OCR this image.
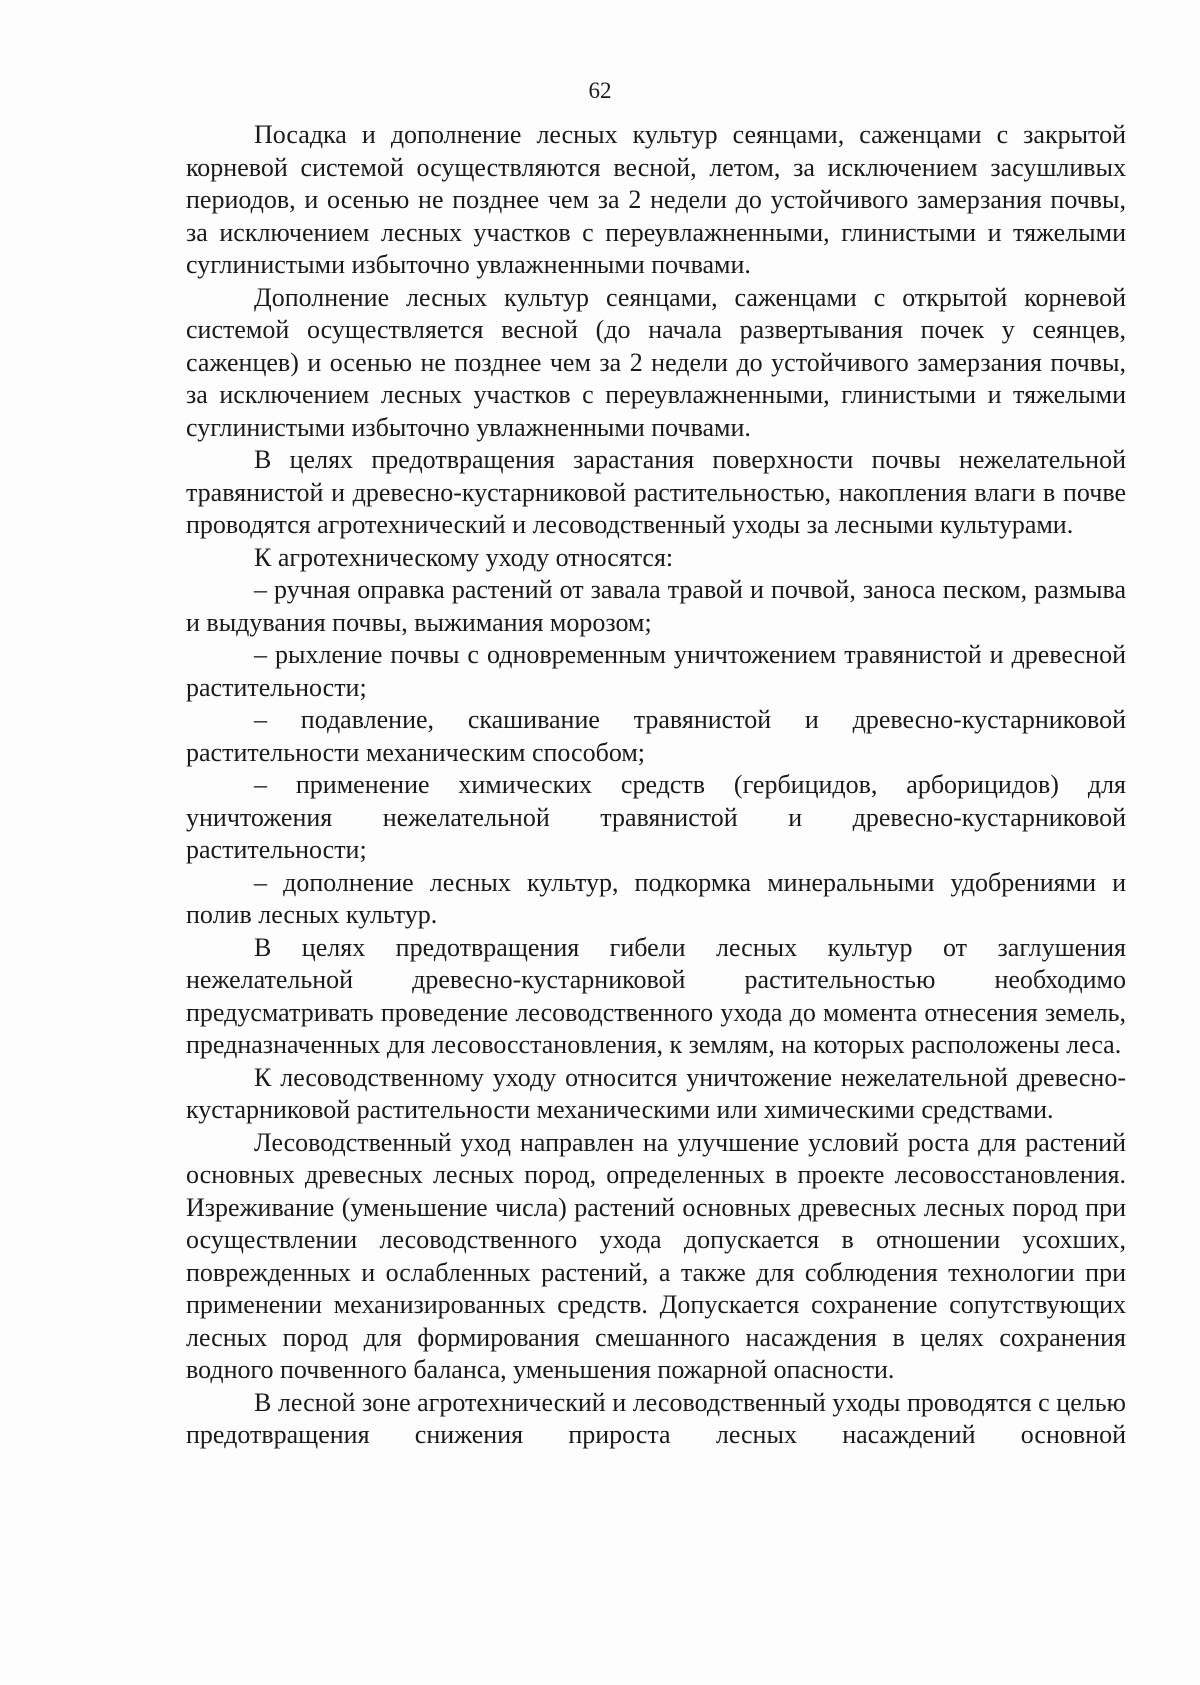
62

Посадка и дополнение лесных культур сеянцами, саженцами с закрытой корневой системой осуществляются весной, летом, за исключением засушливых периодов, и осенью не позднее чем за 2 недели до устойчивого замерзания почвы, за исключением лесных участков с переувлажненными, глинистыми и тяжелыми суглинистыми избыточно увлажненными почвами.

Дополнение лесных культур сеянцами, саженцами с открытой корневой системой осуществляется весной (до начала развертывания почек у сеянцев, саженцев) и осенью не позднее чем за 2 недели до устойчивого замерзания почвы, за исключением лесных участков с переувлажненными, глинистыми и тяжелыми суглинистыми избыточно увлажненными почвами.

В целях предотвращения зарастания поверхности почвы нежелательной травянистой и древесно-кустарниковой растительностью, накопления влаги в почве проводятся агротехнический и лесоводственный уходы за лесными культурами.

К агротехническому уходу относятся:

– ручная оправка растений от завала травой и почвой, заноса песком, размыва и выдувания почвы, выжимания морозом;

– рыхление почвы с одновременным уничтожением травянистой и древесной растительности;

– подавление, скашивание травянистой и древесно-кустарниковой растительности механическим способом;

– применение химических средств (гербицидов, арборицидов) для уничтожения нежелательной травянистой и древесно-кустарниковой растительности;

– дополнение лесных культур, подкормка минеральными удобрениями и полив лесных культур.

В целях предотвращения гибели лесных культур от заглушения нежелательной древесно-кустарниковой растительностью необходимо предусматривать проведение лесоводственного ухода до момента отнесения земель, предназначенных для лесовосстановления, к землям, на которых расположены леса.

К лесоводственному уходу относится уничтожение нежелательной древесно-кустарниковой растительности механическими или химическими средствами.

Лесоводственный уход направлен на улучшение условий роста для растений основных древесных лесных пород, определенных в проекте лесовосстановления. Изреживание (уменьшение числа) растений основных древесных лесных пород при осуществлении лесоводственного ухода допускается в отношении усохших, поврежденных и ослабленных растений, а также для соблюдения технологии при применении механизированных средств. Допускается сохранение сопутствующих лесных пород для формирования смешанного насаждения в целях сохранения водного почвенного баланса, уменьшения пожарной опасности.

В лесной зоне агротехнический и лесоводственный уходы проводятся с целью предотвращения снижения прироста лесных насаждений основной
